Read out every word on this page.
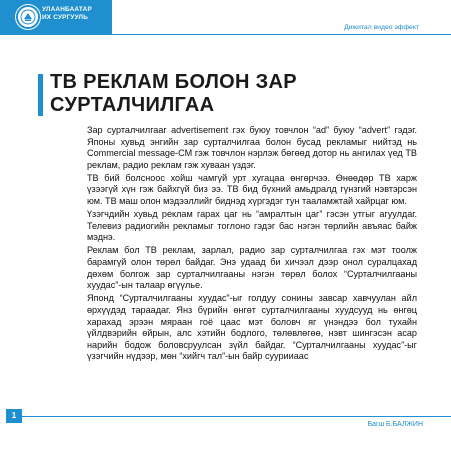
УЛААНБААТАР
ИХ СУРГУУЛЬ
Дизайны тэнхим	Дижитал видео эффект
ТВ РЕКЛАМ БОЛОН ЗАР СУРТАЛЧИЛГАА

Зар сурталчилгааг advertisement гэх буюу товчлон “ad” буюу “advert” гэдэг. Японы хувьд энгийн зар сурталчилгаа болон бусад рекламыг нийтэд нь Commercial message-CM гэж товчлон нэрлэж бөгөөд дотор нь ангилах үед ТВ реклам, радио реклам гэж хуваан үздэг.

ТВ бий болсноос хойш чамгүй урт хугацаа өнгөрчээ. Өнөөдөр ТВ харж үзээгүй хүн гэж байхгүй биз ээ. ТВ бид бүхний амьдралд гүнзгий нэвтэрсэн юм. ТВ маш олон мэдээллийг биднэд хүргэдэг тун тааламжтай хайрцаг юм.

Үзэгчдийн хувьд реклам гарах цаг нь “амралтын цаг” гэсэн утгыг агуулдаг. Телевиз радиогийн рекламыг тоглоно гэдэг бас нэгэн төрлийн авъяас байж мэднэ.

Реклам бол ТВ реклам, зарлал, радио зар сурталчилгаа гэх мэт тоолж барамгүй олон төрөл байдаг. Энэ удаад би хичээл дээр онол суралцахад дөхөм болгож зар сурталчилгааны нэгэн төрөл болох “Сурталчилгааны хуудас”-ын талаар өгүүлье.

Японд “Сурталчилгааны хуудас”-ыг голдуу сонины завсар хавчуулан айл өрхүүдэд тараадаг. Янз бүрийн өнгөт сурталчилгааны хуудсууд нь өнгөц харахад эрээн мяраан гоё цаас мэт боловч яг үнэндээ бол тухайн үйлдвэрийн өйрын, алс хэтийн бодлого, төлөвлөгөө, нэвт шингэсэн асар нарийн бодож боловсруулсан зүйл байдаг. “Сурталчилгааны хуудас”-ыг үзэгчийн нүдээр, мөн “хийгч тал”-ын байр суурииаас

1
Багш Б.БАЛЖИН
